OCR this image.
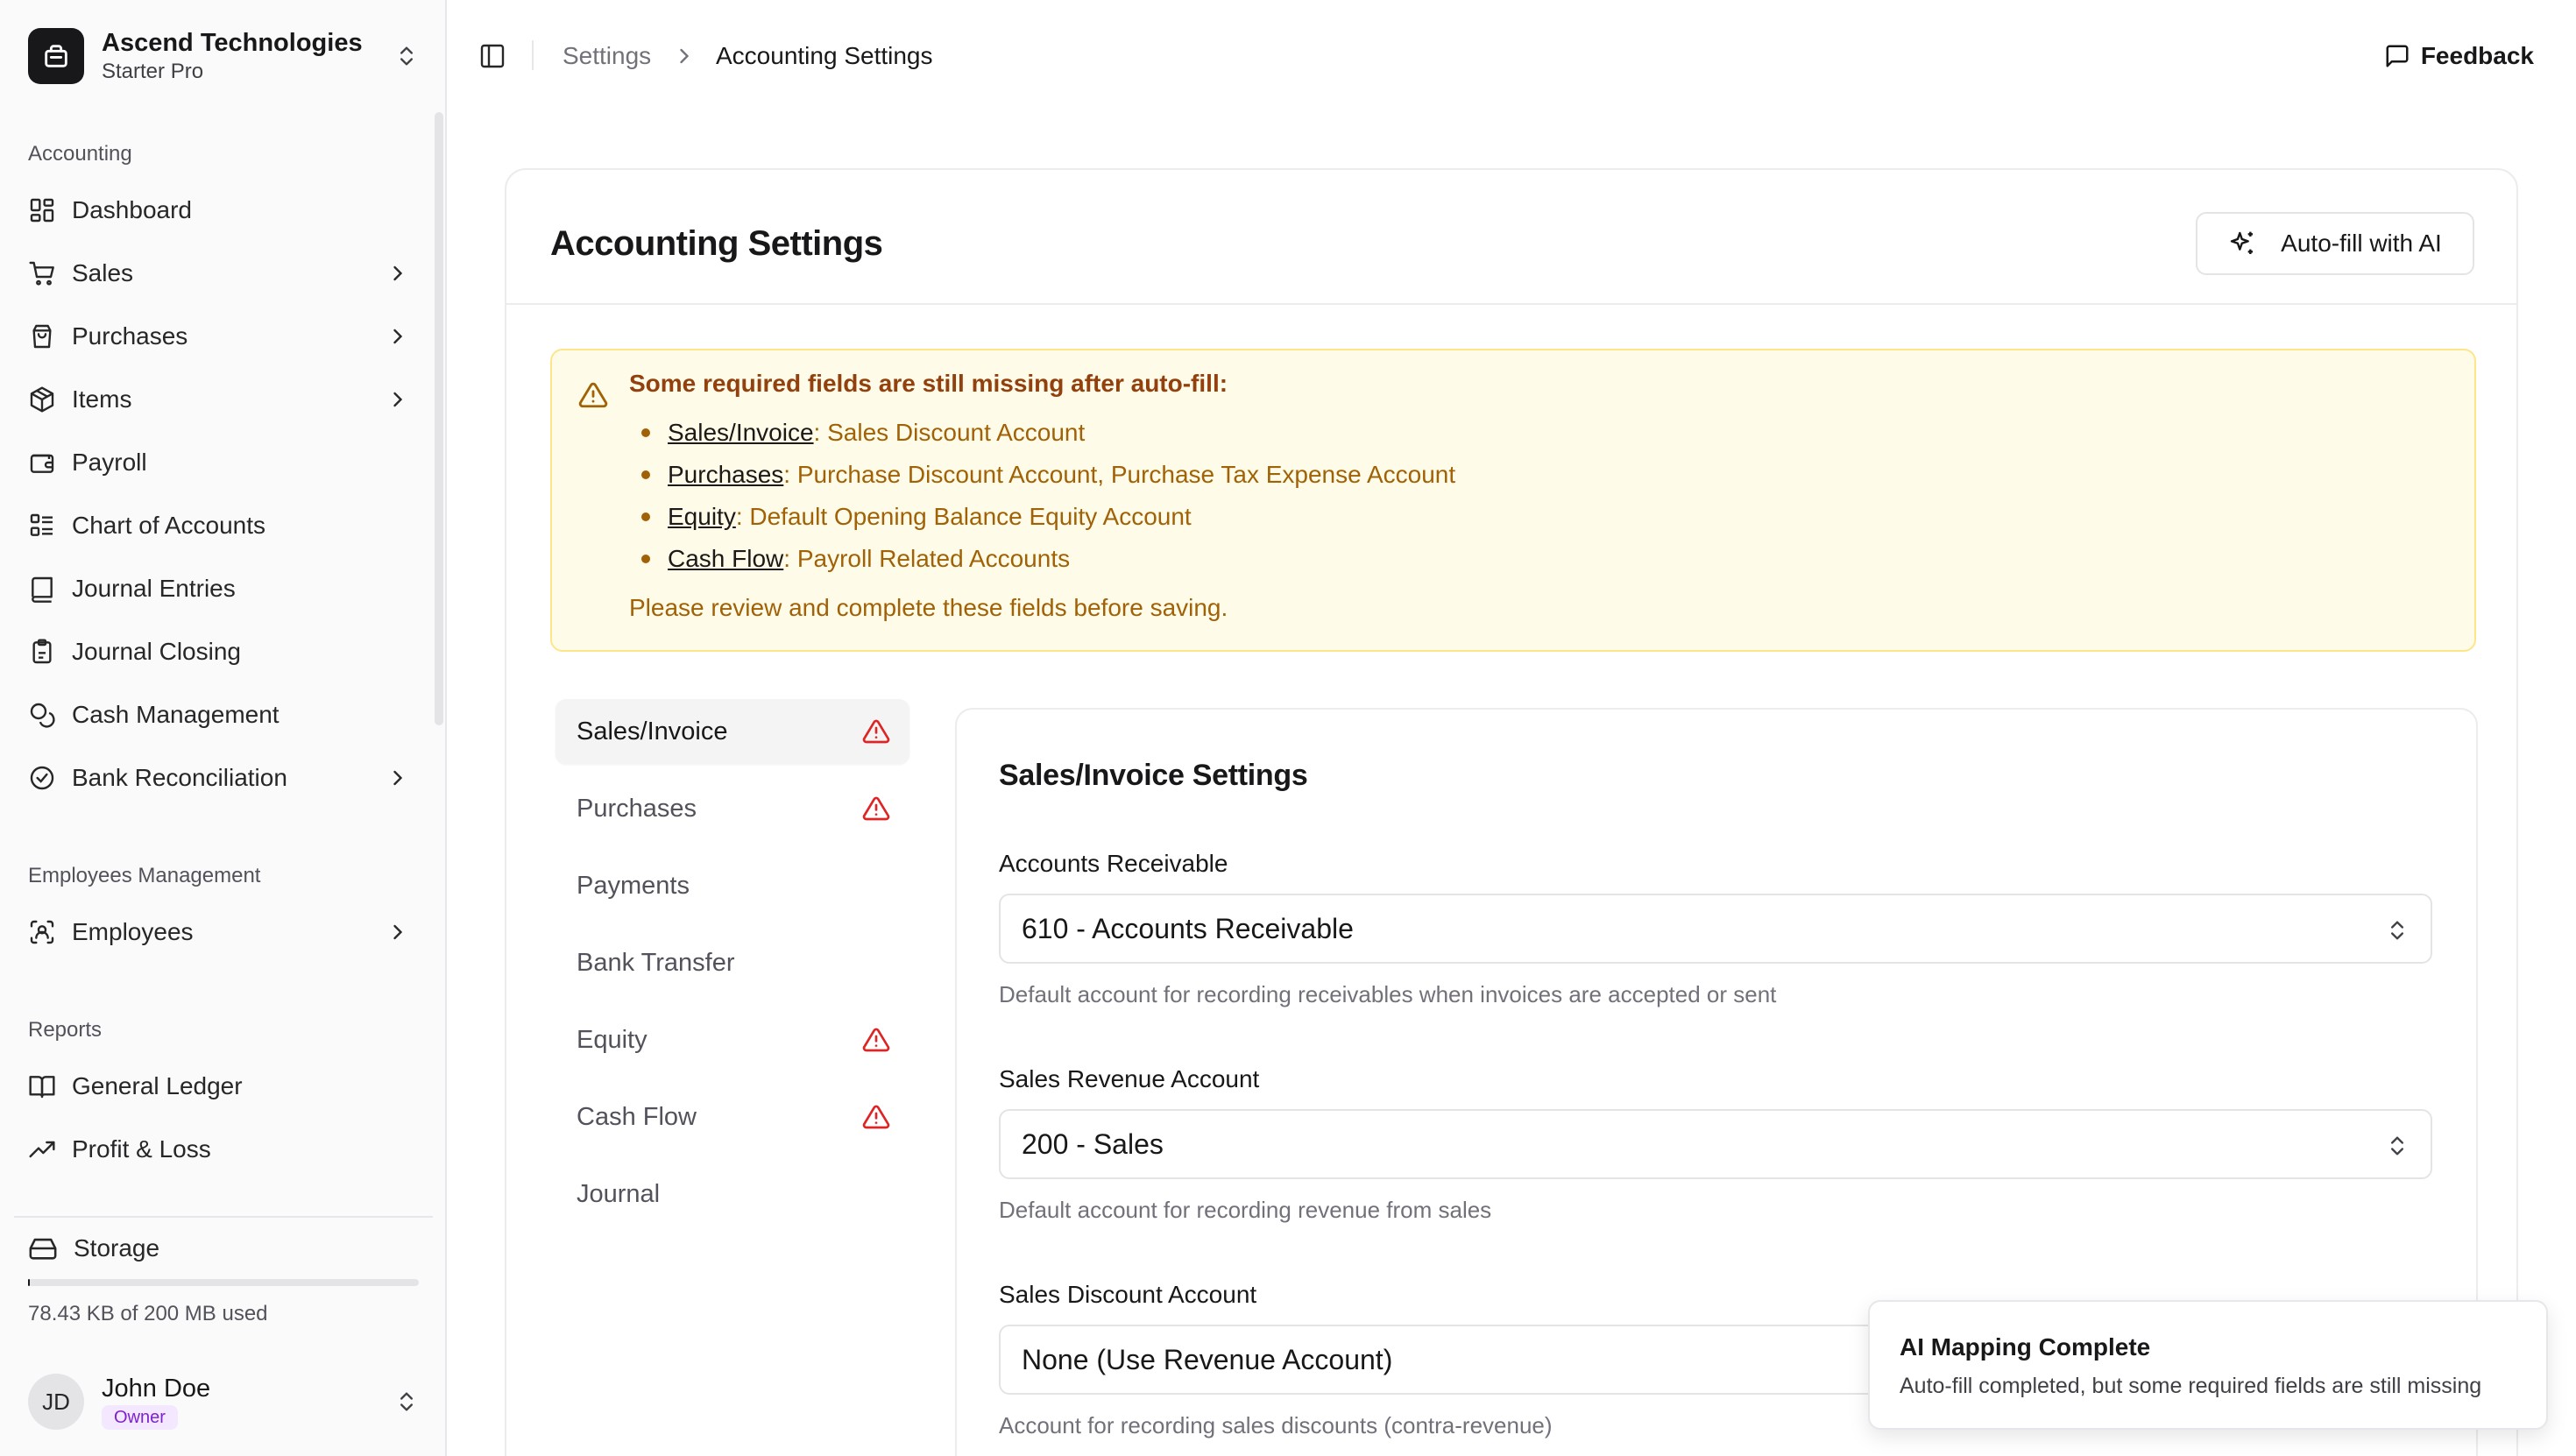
Ascend Technologies
Starter Pro
Accounting
Dashboard
Sales
Purchases
Items
Payroll
Chart of Accounts
Journal Entries
Journal Closing
Cash Management
Bank Reconciliation
Employees Management
Employees
Reports
General Ledger
Profit & Loss
Storage
78.43 KB of 200 MB used
JD	John Doe
Owner
Settings	Accounting Settings	Feedback
Accounting Settings	Auto-fill with AI
Some required fields are still missing after auto-fill:
Sales/Invoice : Sales Discount Account
Purchases : Purchase Discount Account, Purchase Tax Expense Account
Equity : Default Opening Balance Equity Account
Cash Flow : Payroll Related Accounts
Please review and complete these fields before saving.
Sales/Invoice
Purchases
Payments
Bank Transfer
Equity
Cash Flow
Journal
Sales/Invoice Settings
Accounts Receivable
610 - Accounts Receivable
Default account for recording receivables when invoices are accepted or sent
Sales Revenue Account
200 - Sales
Default account for recording revenue from sales
Sales Discount Account
None (Use Revenue Account)
Account for recording sales discounts (contra-revenue)
AI Mapping Complete
Auto-fill completed, but some required fields are still missing
